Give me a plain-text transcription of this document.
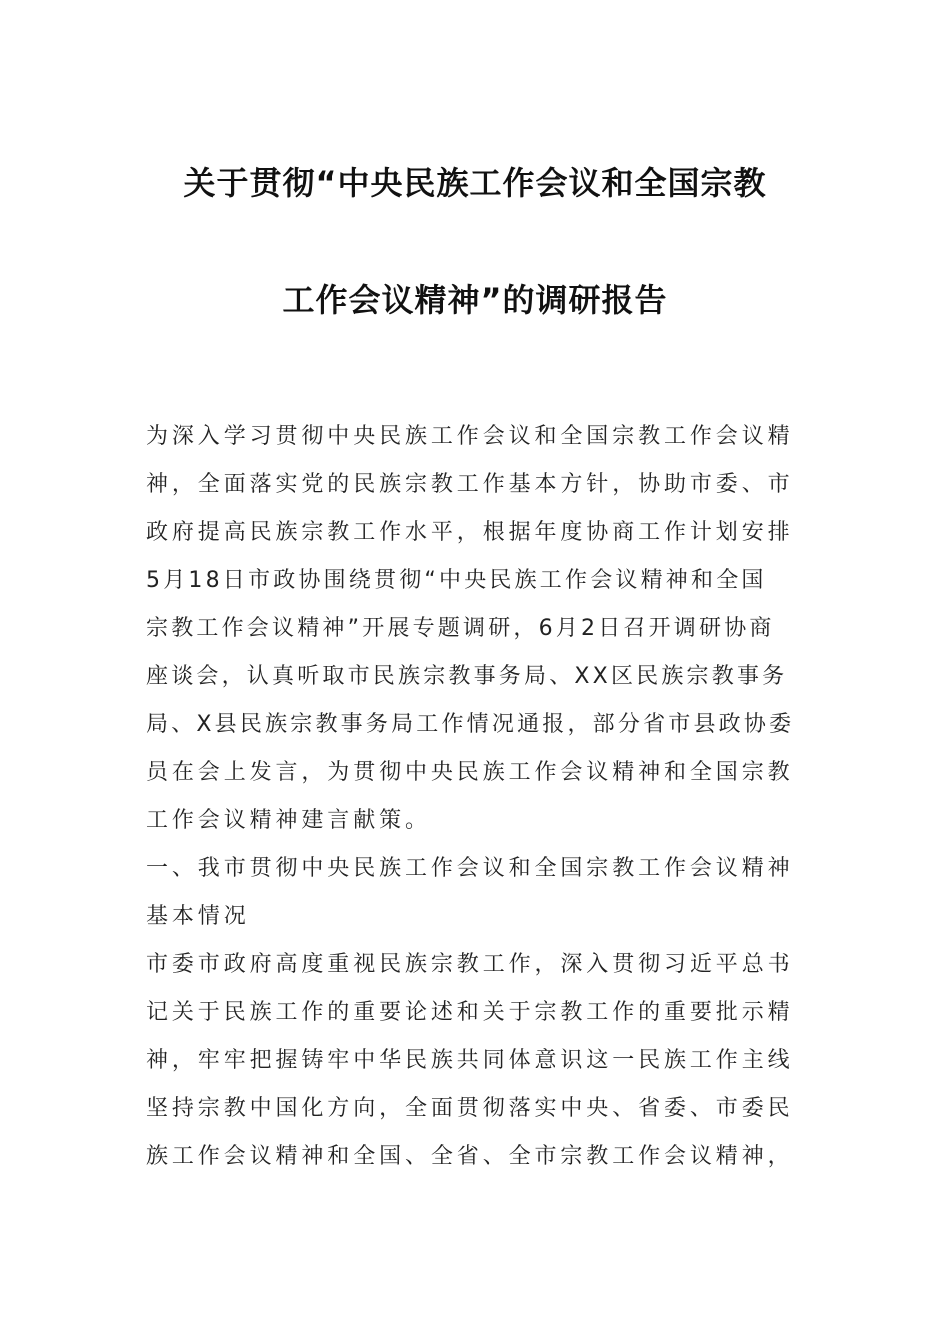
关于贯彻“中央民族工作会议和全国宗教
工作会议精神”的调研报告
为深入学习贯彻中央民族工作会议和全国宗教工作会议精
神，全面落实党的民族宗教工作基本方针，协助市委、市
政府提高民族宗教工作水平，根据年度协商工作计划安排
5月18日市政协围绕贯彻“中央民族工作会议精神和全国
宗教工作会议精神”开展专题调研，6月2日召开调研协商
座谈会，认真听取市民族宗教事务局、XX区民族宗教事务
局、X县民族宗教事务局工作情况通报，部分省市县政协委
员在会上发言，为贯彻中央民族工作会议精神和全国宗教
工作会议精神建言献策。
一、我市贯彻中央民族工作会议和全国宗教工作会议精神
基本情况
市委市政府高度重视民族宗教工作，深入贯彻习近平总书
记关于民族工作的重要论述和关于宗教工作的重要批示精
神，牢牢把握铸牢中华民族共同体意识这一民族工作主线
坚持宗教中国化方向，全面贯彻落实中央、省委、市委民
族工作会议精神和全国、全省、全市宗教工作会议精神，
